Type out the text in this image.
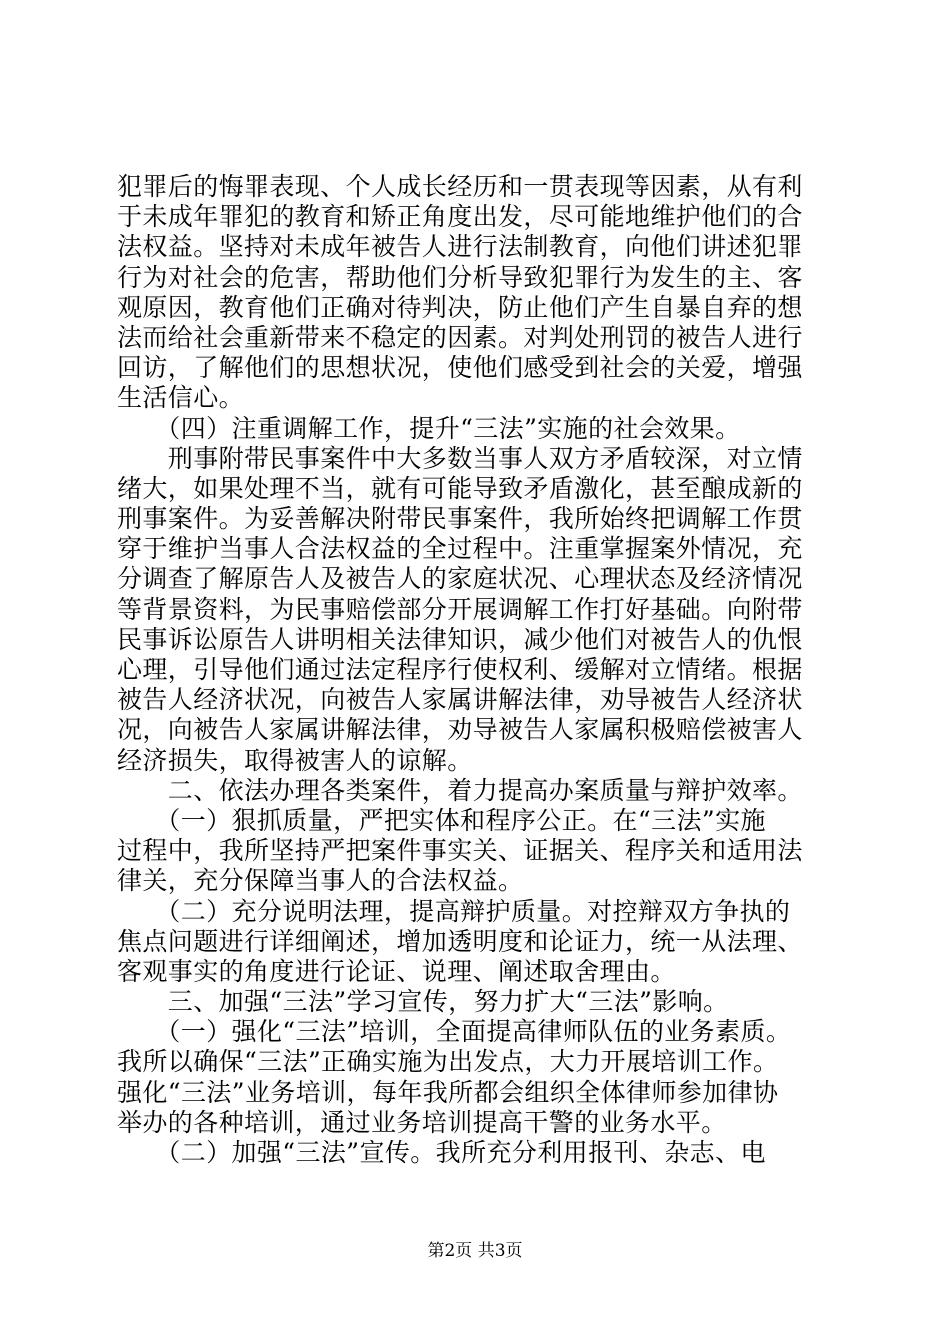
犯罪后的悔罪表现、个人成长经历和一贯表现等因素，从有利
于未成年罪犯的教育和矫正角度出发，尽可能地维护他们的合
法权益。坚持对未成年被告人进行法制教育，向他们讲述犯罪
行为对社会的危害，帮助他们分析导致犯罪行为发生的主、客
观原因，教育他们正确对待判决，防止他们产生自暴自弃的想
法而给社会重新带来不稳定的因素。对判处刑罚的被告人进行
回访，了解他们的思想状况，使他们感受到社会的关爱，增强
生活信心。
　　（四）注重调解工作，提升“三法”实施的社会效果。
　　刑事附带民事案件中大多数当事人双方矛盾较深，对立情
绪大，如果处理不当，就有可能导致矛盾激化，甚至酿成新的
刑事案件。为妥善解决附带民事案件，我所始终把调解工作贯
穿于维护当事人合法权益的全过程中。注重掌握案外情况，充
分调查了解原告人及被告人的家庭状况、心理状态及经济情况
等背景资料，为民事赔偿部分开展调解工作打好基础。向附带
民事诉讼原告人讲明相关法律知识，减少他们对被告人的仇恨
心理，引导他们通过法定程序行使权利、缓解对立情绪。根据
被告人经济状况，向被告人家属讲解法律，劝导被告人经济状
况，向被告人家属讲解法律，劝导被告人家属积极赔偿被害人
经济损失，取得被害人的谅解。
　　二、依法办理各类案件，着力提高办案质量与辩护效率。
　　（一）狠抓质量，严把实体和程序公正。在“三法”实施
过程中，我所坚持严把案件事实关、证据关、程序关和适用法
律关，充分保障当事人的合法权益。
　　（二）充分说明法理，提高辩护质量。对控辩双方争执的
焦点问题进行详细阐述，增加透明度和论证力，统一从法理、
客观事实的角度进行论证、说理、阐述取舍理由。
　　三、加强“三法”学习宣传，努力扩大“三法”影响。
　　（一）强化“三法”培训，全面提高律师队伍的业务素质。
我所以确保“三法”正确实施为出发点，大力开展培训工作。
强化“三法”业务培训，每年我所都会组织全体律师参加律协
举办的各种培训，通过业务培训提高干警的业务水平。
　　（二）加强“三法”宣传。我所充分利用报刊、杂志、电
第2页 共3页
